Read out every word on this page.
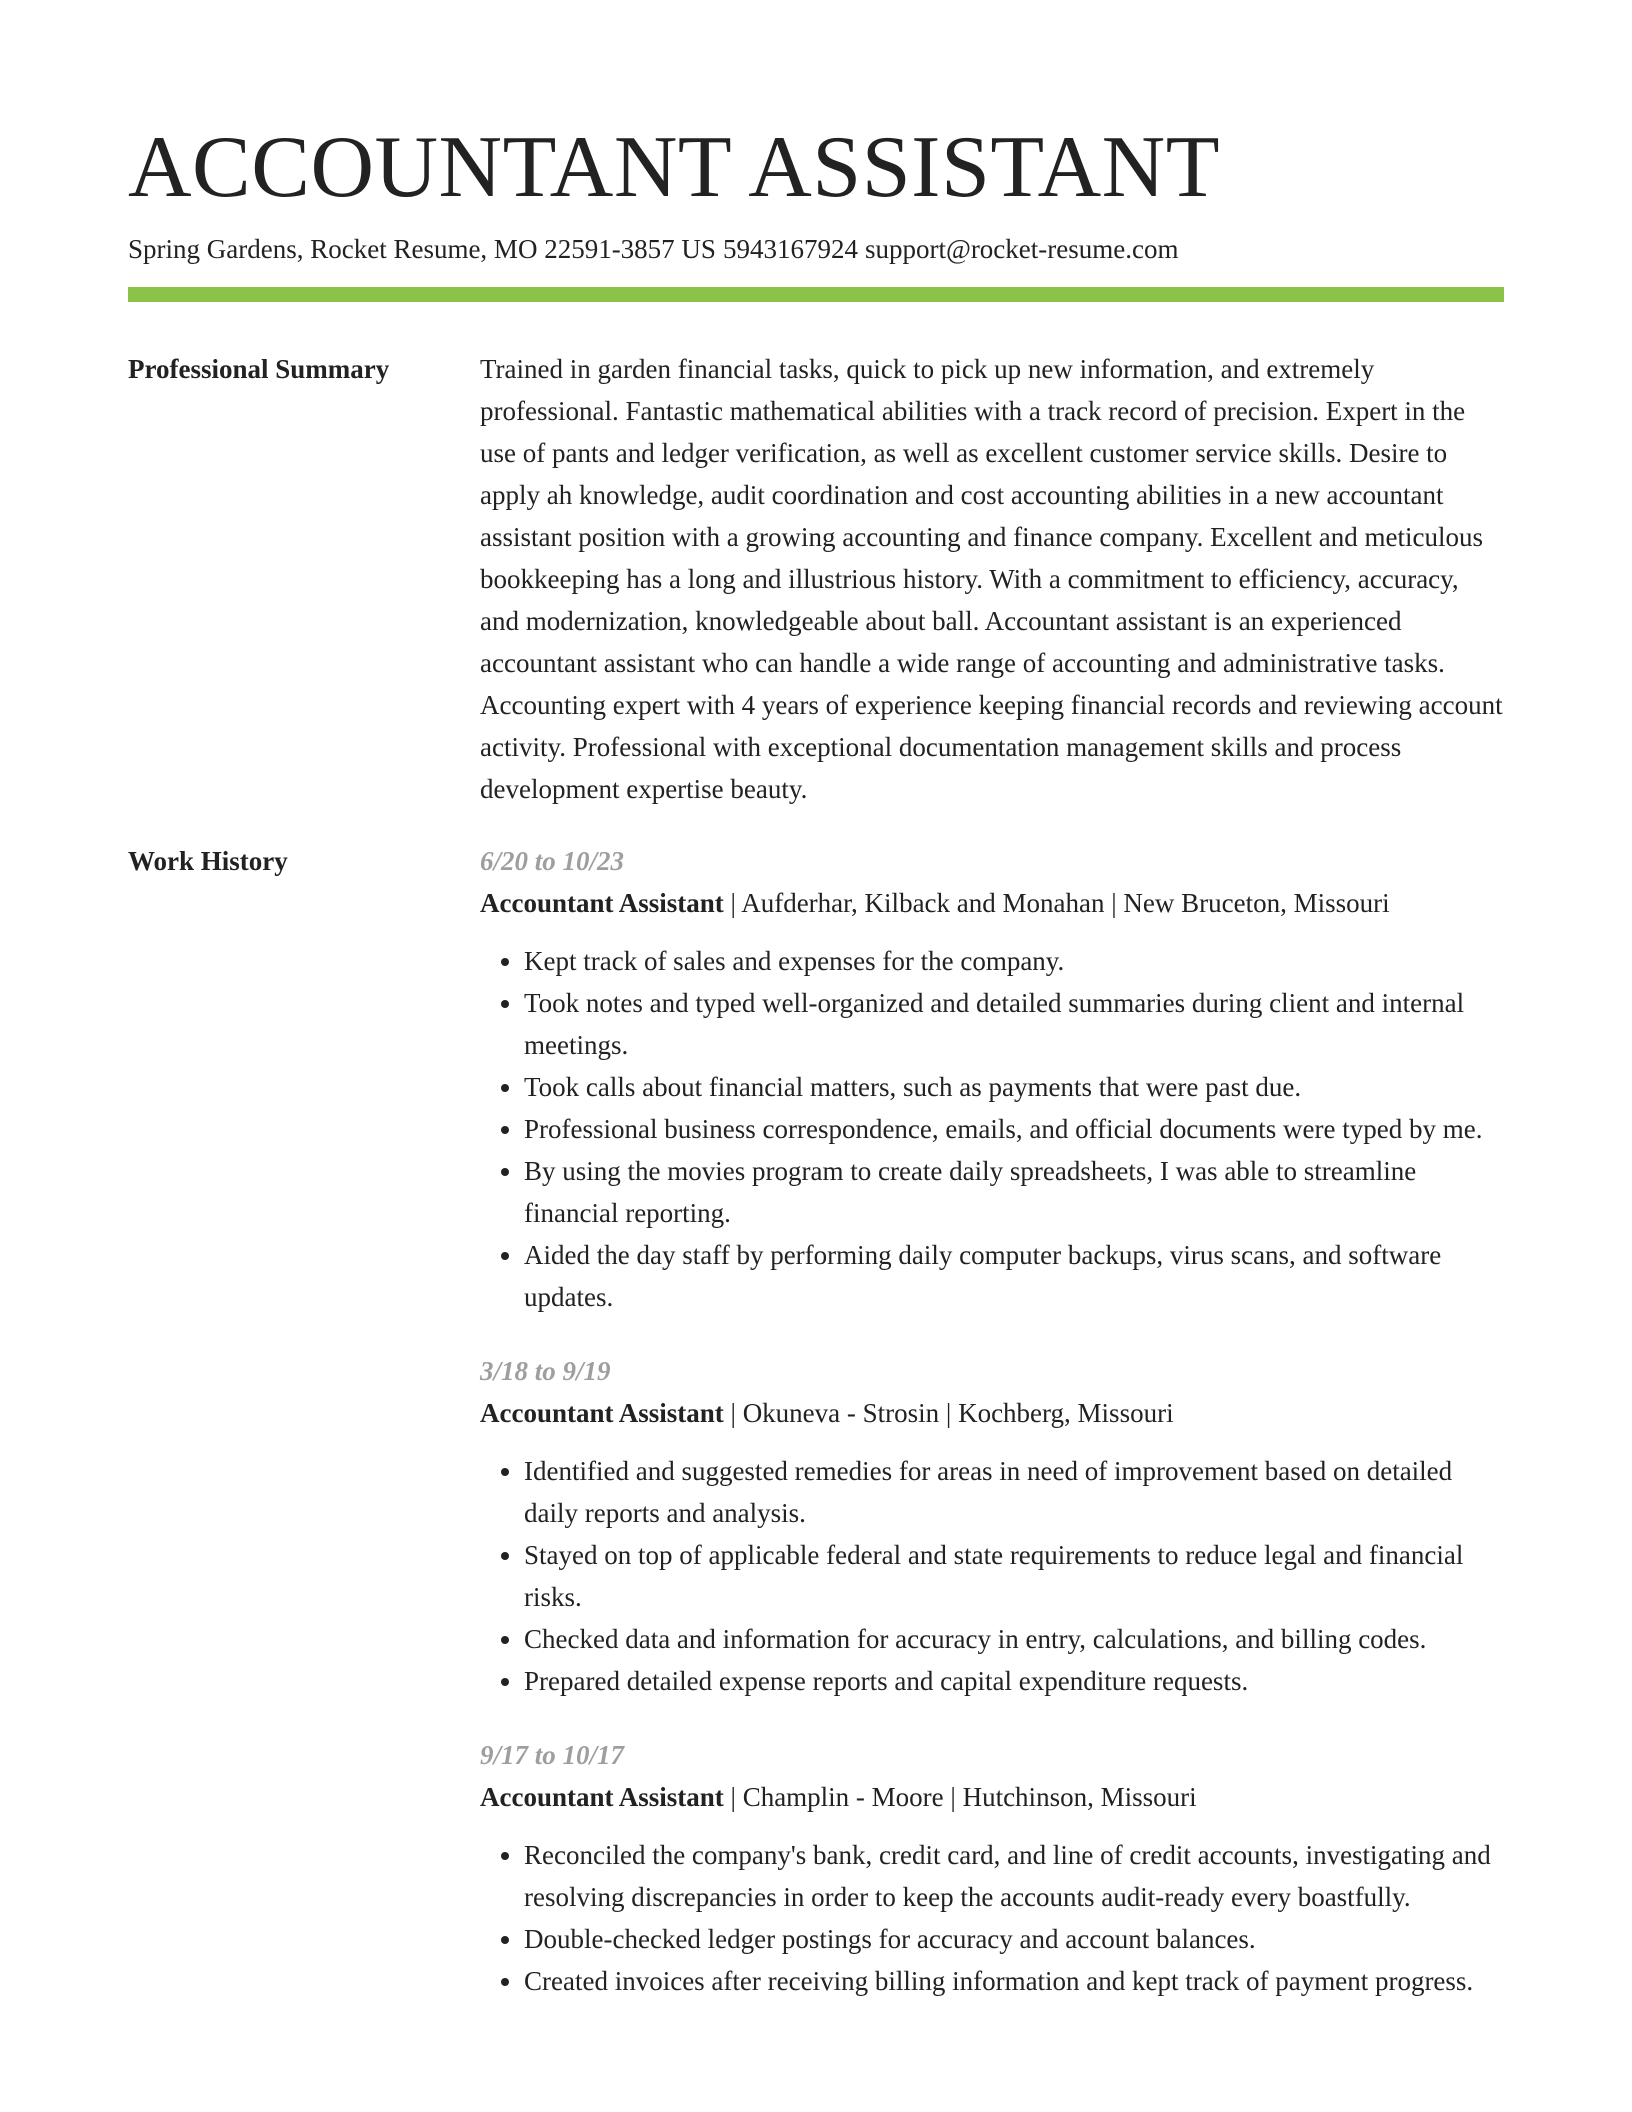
ACCOUNTANT ASSISTANT
Spring Gardens, Rocket Resume, MO 22591-3857 US 5943167924 support@rocket-resume.com
Professional Summary	Trained in garden financial tasks, quick to pick up new information, and extremely professional. Fantastic mathematical abilities with a track record of precision. Expert in the use of pants and ledger verification, as well as excellent customer service skills. Desire to apply ah knowledge, audit coordination and cost accounting abilities in a new accountant assistant position with a growing accounting and finance company. Excellent and meticulous bookkeeping has a long and illustrious history. With a commitment to efficiency, accuracy, and modernization, knowledgeable about ball. Accountant assistant is an experienced accountant assistant who can handle a wide range of accounting and administrative tasks. Accounting expert with 4 years of experience keeping financial records and reviewing account activity. Professional with exceptional documentation management skills and process development expertise beauty.

Work History	6/20 to 10/23
Accountant Assistant | Aufderhar, Kilback and Monahan | New Bruceton, Missouri
• Kept track of sales and expenses for the company.
• Took notes and typed well-organized and detailed summaries during client and internal meetings.
• Took calls about financial matters, such as payments that were past due.
• Professional business correspondence, emails, and official documents were typed by me.
• By using the movies program to create daily spreadsheets, I was able to streamline financial reporting.
• Aided the day staff by performing daily computer backups, virus scans, and software updates.
3/18 to 9/19
Accountant Assistant | Okuneva - Strosin | Kochberg, Missouri
• Identified and suggested remedies for areas in need of improvement based on detailed daily reports and analysis.
• Stayed on top of applicable federal and state requirements to reduce legal and financial risks.
• Checked data and information for accuracy in entry, calculations, and billing codes.
• Prepared detailed expense reports and capital expenditure requests.
9/17 to 10/17
Accountant Assistant | Champlin - Moore | Hutchinson, Missouri
• Reconciled the company's bank, credit card, and line of credit accounts, investigating and resolving discrepancies in order to keep the accounts audit-ready every boastfully.
• Double-checked ledger postings for accuracy and account balances.
• Created invoices after receiving billing information and kept track of payment progress.
